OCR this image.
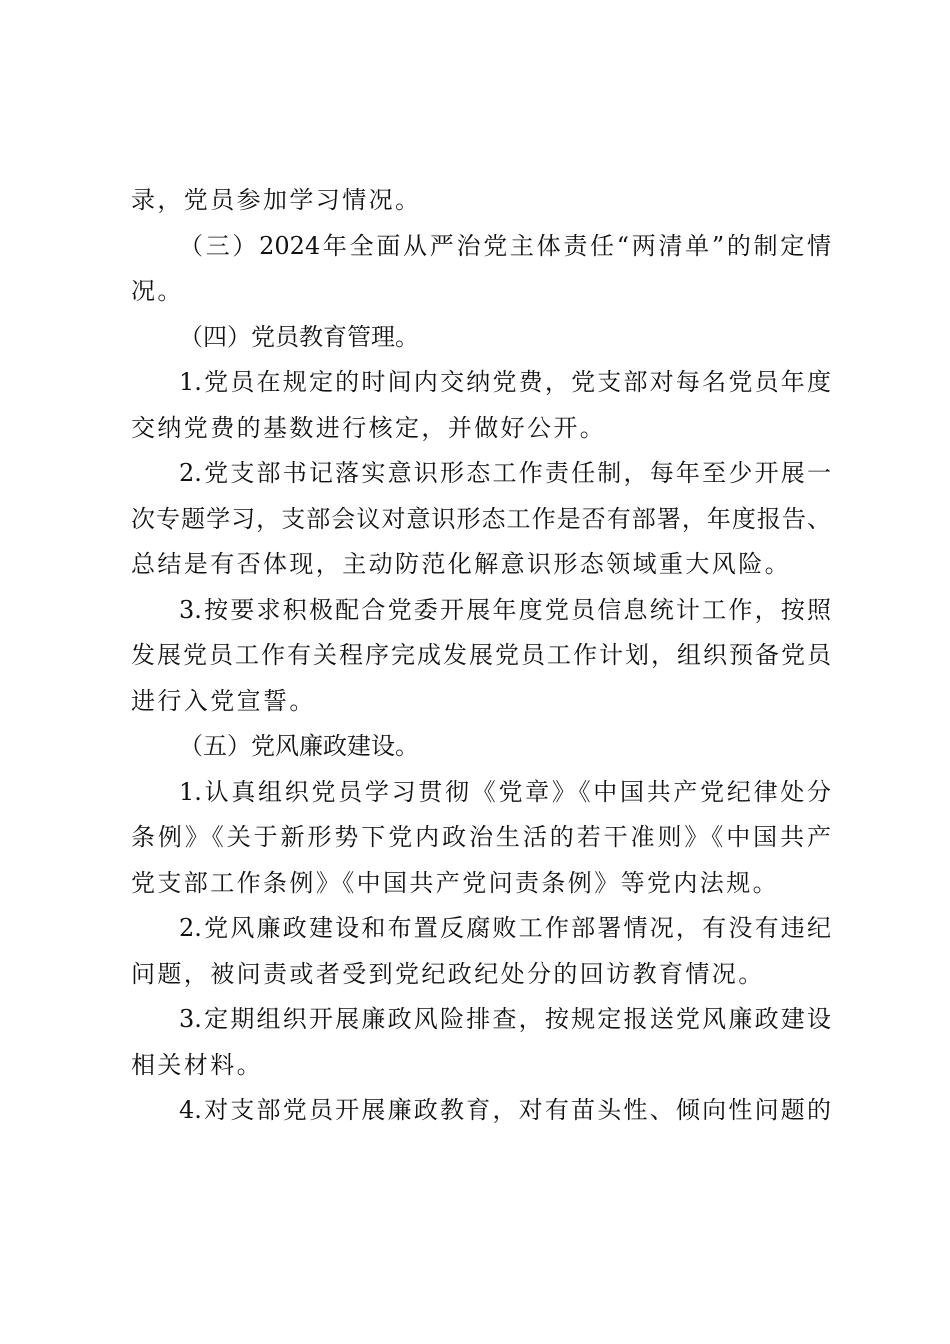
录，党员参加学习情况。
（三）2024年全面从严治党主体责任“两清单”的制定情
况。
（四）党员教育管理。
1.党员在规定的时间内交纳党费，党支部对每名党员年度
交纳党费的基数进行核定，并做好公开。
2.党支部书记落实意识形态工作责任制，每年至少开展一
次专题学习，支部会议对意识形态工作是否有部署，年度报告、
总结是有否体现，主动防范化解意识形态领域重大风险。
3.按要求积极配合党委开展年度党员信息统计工作，按照
发展党员工作有关程序完成发展党员工作计划，组织预备党员
进行入党宣誓。
（五）党风廉政建设。
1.认真组织党员学习贯彻《党章》《中国共产党纪律处分
条例》《关于新形势下党内政治生活的若干准则》《中国共产
党支部工作条例》《中国共产党问责条例》等党内法规。
2.党风廉政建设和布置反腐败工作部署情况，有没有违纪
问题，被问责或者受到党纪政纪处分的回访教育情况。
3.定期组织开展廉政风险排查，按规定报送党风廉政建设
相关材料。
4.对支部党员开展廉政教育，对有苗头性、倾向性问题的
